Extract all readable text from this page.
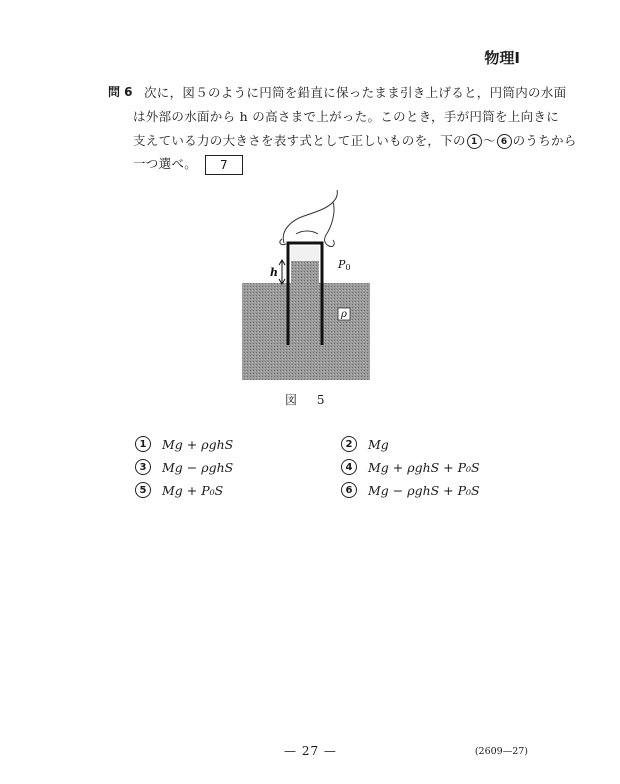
物理Ⅰ
問 6 次に，図５のように円筒を鉛直に保ったまま引き上げると，円筒内の水面
は外部の水面から h の高さまで上がった。このとき，手が円筒を上向きに
支えている力の大きさを表す式として正しいものを，下の 1 ～ 6 のうちから
一つ選べ。 7
h
P0
ρ
図 5
1	Mg + ρghS	2	Mg
3	Mg − ρghS	4	Mg + ρghS + P₀S
5	Mg + P₀S	6	Mg − ρghS + P₀S
— 27 —	(2609—27)
